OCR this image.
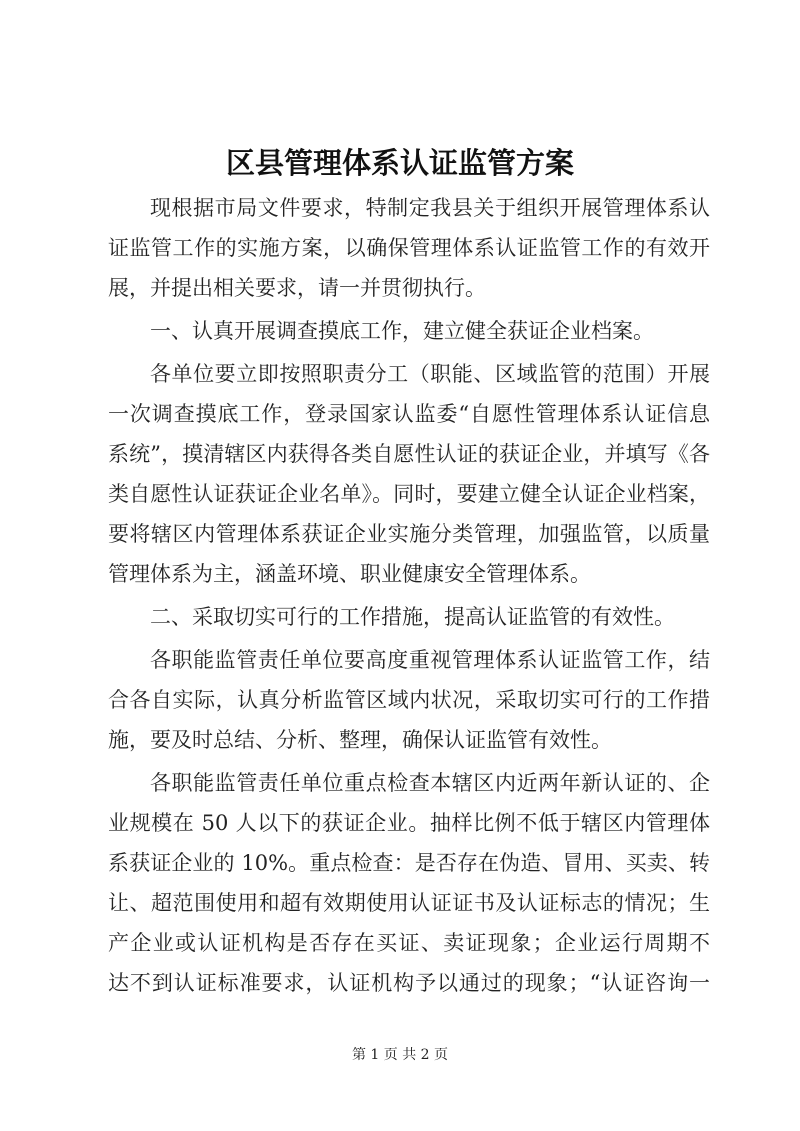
区县管理体系认证监管方案
现根据市局文件要求，特制定我县关于组织开展管理体系认
证监管工作的实施方案，以确保管理体系认证监管工作的有效开
展，并提出相关要求，请一并贯彻执行。
一、认真开展调查摸底工作，建立健全获证企业档案。
各单位要立即按照职责分工（职能、区域监管的范围）开展
一次调查摸底工作，登录国家认监委“自愿性管理体系认证信息
系统”，摸清辖区内获得各类自愿性认证的获证企业，并填写《各
类自愿性认证获证企业名单》。同时，要建立健全认证企业档案，
要将辖区内管理体系获证企业实施分类管理，加强监管，以质量
管理体系为主，涵盖环境、职业健康安全管理体系。
二、采取切实可行的工作措施，提高认证监管的有效性。
各职能监管责任单位要高度重视管理体系认证监管工作，结
合各自实际，认真分析监管区域内状况，采取切实可行的工作措
施，要及时总结、分析、整理，确保认证监管有效性。
各职能监管责任单位重点检查本辖区内近两年新认证的、企
业规模在 50 人以下的获证企业。抽样比例不低于辖区内管理体
系获证企业的 10%。重点检查：是否存在伪造、冒用、买卖、转
让、超范围使用和超有效期使用认证证书及认证标志的情况；生
产企业或认证机构是否存在买证、卖证现象；企业运行周期不
达不到认证标准要求，认证机构予以通过的现象；“认证咨询一
第 1 页 共 2 页
